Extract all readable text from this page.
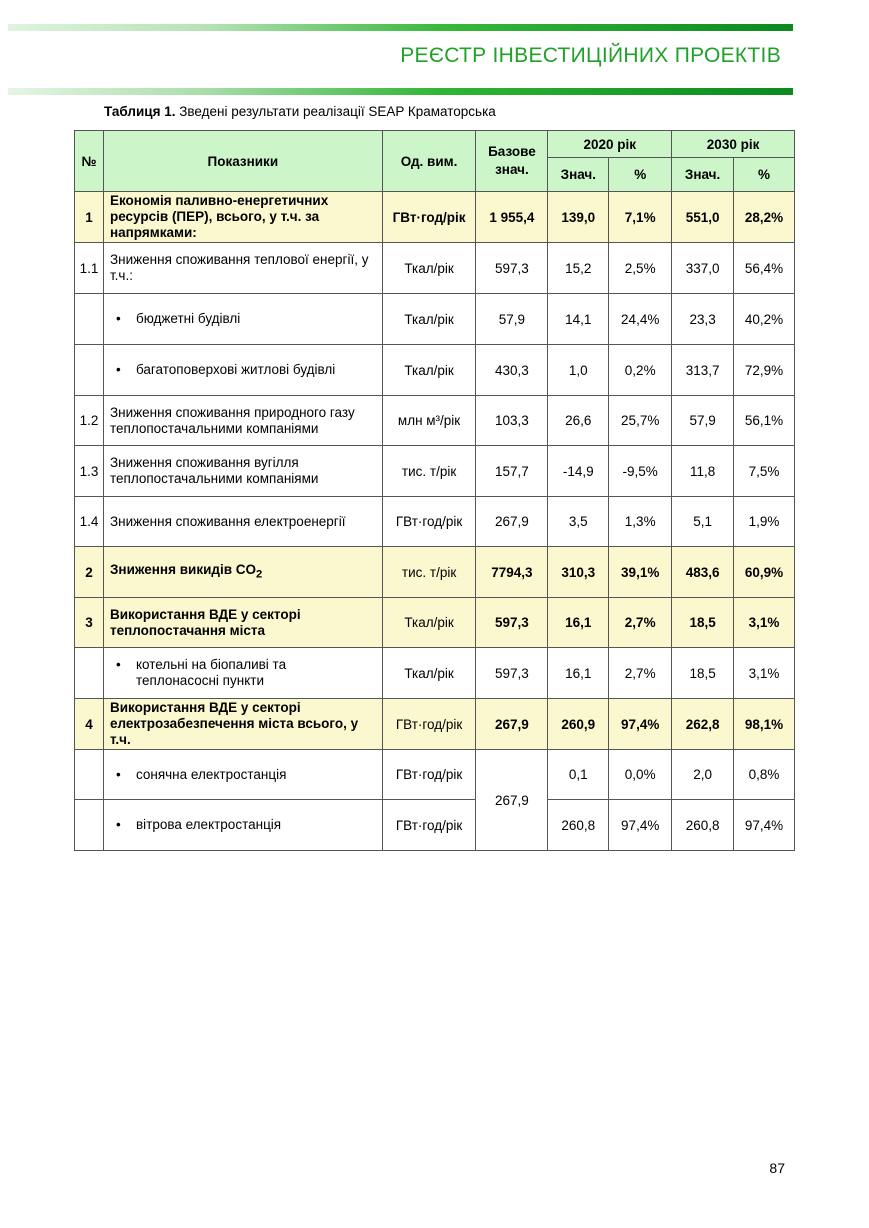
РЕЄСТР ІНВЕСТИЦІЙНИХ ПРОЕКТІВ
Таблиця 1. Зведені результати реалізації SEAP Краматорська
№	Показники	Од. вим.	Базове знач.	2020 рік		2030 рік	
				Знач.	%	Знач.	%
1	Економія паливно-енергетичних ресурсів (ПЕР), всього, у т.ч. за напрямками:	ГВт·год/рік	1 955,4	139,0	7,1%	551,0	28,2%
1.1	Зниження споживання теплової енергії, у т.ч.:	Ткал/рік	597,3	15,2	2,5%	337,0	56,4%
	• бюджетні будівлі	Ткал/рік	57,9	14,1	24,4%	23,3	40,2%
	• багатоповерхові житлові будівлі	Ткал/рік	430,3	1,0	0,2%	313,7	72,9%
1.2	Зниження споживання природного газу теплопостачальними компаніями	млн м³/рік	103,3	26,6	25,7%	57,9	56,1%
1.3	Зниження споживання вугілля теплопостачальними компаніями	тис. т/рік	157,7	-14,9	-9,5%	11,8	7,5%
1.4	Зниження споживання електроенергії	ГВт·год/рік	267,9	3,5	1,3%	5,1	1,9%
2	Зниження викидів $CO_2$	тис. т/рік	7794,3	310,3	39,1%	483,6	60,9%
3	Використання ВДЕ у секторі теплопостачання міста	Ткал/рік	597,3	16,1	2,7%	18,5	3,1%
	• котельні на біопаливі та теплонасосні пункти	Ткал/рік	597,3	16,1	2,7%	18,5	3,1%
4	Використання ВДЕ у секторі електрозабезпечення міста всього, у т.ч.	ГВт·год/рік	267,9	260,9	97,4%	262,8	98,1%
	• сонячна електростанція	ГВт·год/рік	267,9	0,1	0,0%	2,0	0,8%
	• вітрова електростанція	ГВт·год/рік		260,8	97,4%	260,8	97,4%
87
